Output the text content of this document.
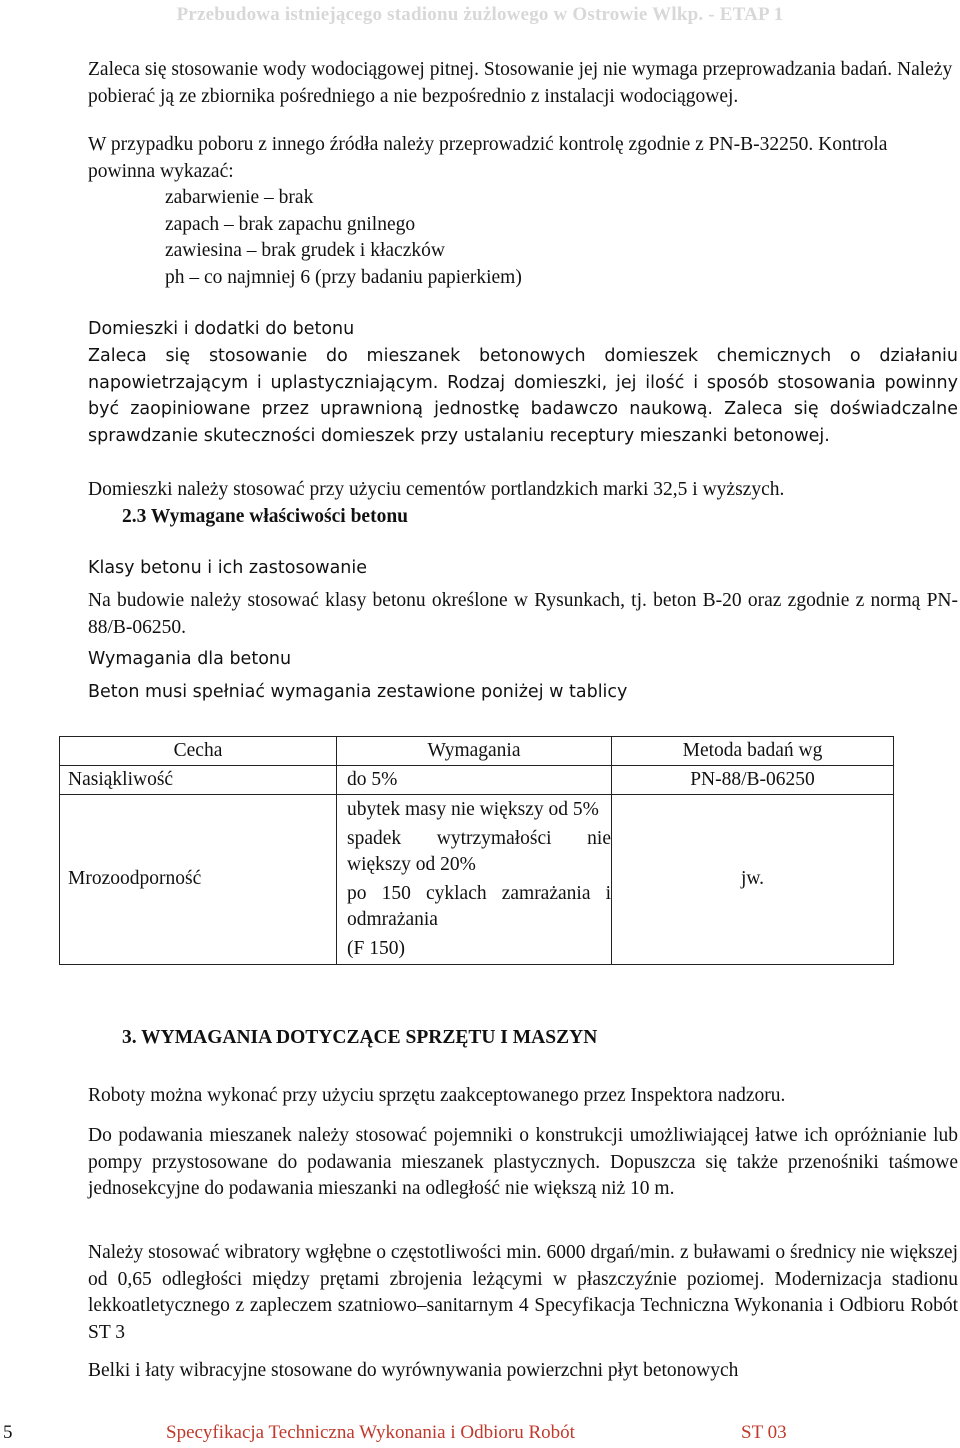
Przebudowa istniejącego stadionu żużlowego w Ostrowie Wlkp. - ETAP 1

Zaleca się stosowanie wody wodociągowej pitnej. Stosowanie jej nie wymaga przeprowadzania badań. Należy pobierać ją ze zbiornika pośredniego a nie bezpośrednio z instalacji wodociągowej.

W przypadku poboru z innego źródła należy przeprowadzić kontrolę zgodnie z PN-B-32250. Kontrola powinna wykazać:
zabarwienie – brak
zapach – brak zapachu gnilnego
zawiesina – brak grudek i kłaczków
ph – co najmniej 6 (przy badaniu papierkiem)
Domieszki i dodatki do betonu

Zaleca się stosowanie do mieszanek betonowych domieszek chemicznych o działaniu napowietrzającym i uplastyczniającym. Rodzaj domieszki, jej ilość i sposób stosowania powinny być zaopiniowane przez uprawnioną jednostkę badawczo naukową. Zaleca się doświadczalne sprawdzanie skuteczności domieszek przy ustalaniu receptury mieszanki betonowej.

Domieszki należy stosować przy użyciu cementów portlandzkich marki 32,5 i wyższych.
2.3 Wymagane właściwości betonu
Klasy betonu i ich zastosowanie

Na budowie należy stosować klasy betonu określone w Rysunkach, tj. beton B-20 oraz zgodnie z normą PN-88/B-06250.

Wymagania dla betonu
Beton musi spełniać wymagania zestawione poniżej w tablicy
Cecha	Wymagania	Metoda badań wg
Nasiąkliwość	do 5%	PN-88/B-06250
Mrozoodporność	ubytek masy nie większy od 5%
spadek wytrzymałości nie większy od 20%
po 150 cyklach zamrażania i odmrażania
(F 150)	jw.
3. WYMAGANIA DOTYCZĄCE SPRZĘTU I MASZYN

Roboty można wykonać przy użyciu sprzętu zaakceptowanego przez Inspektora nadzoru.

Do podawania mieszanek należy stosować pojemniki o konstrukcji umożliwiającej łatwe ich opróżnianie lub pompy przystosowane do podawania mieszanek plastycznych. Dopuszcza się także przenośniki taśmowe jednosekcyjne do podawania mieszanki na odległość nie większą niż 10 m.

Należy stosować wibratory wgłębne o częstotliwości min. 6000 drgań/min. z buławami o średnicy nie większej od 0,65 odległości między prętami zbrojenia leżącymi w płaszczyźnie poziomej. Modernizacja stadionu lekkoatletycznego z zapleczem szatniowo–sanitarnym 4 Specyfikacja Techniczna Wykonania i Odbioru Robót ST 3

Belki i łaty wibracyjne stosowane do wyrównywania powierzchni płyt betonowych

5	Specyfikacja Techniczna Wykonania i Odbioru Robót	ST 03
